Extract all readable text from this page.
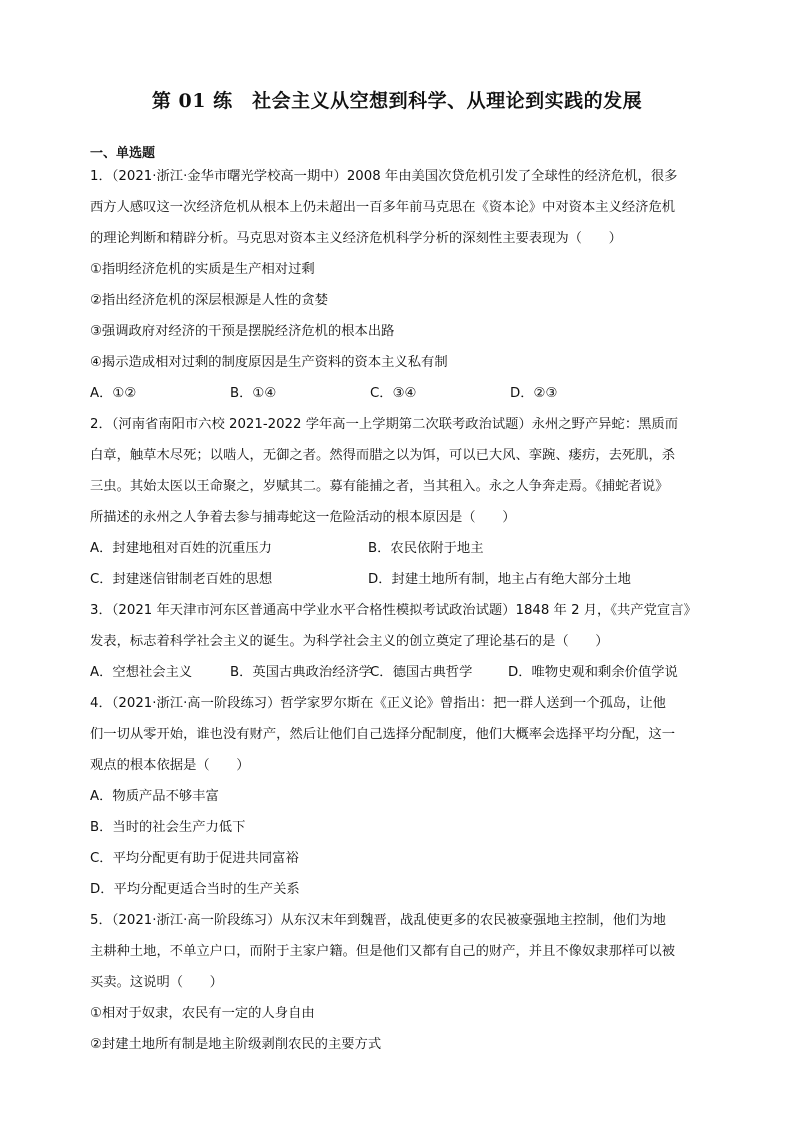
第 01 练　社会主义从空想到科学、从理论到实践的发展
一、单选题
1．（2021·浙江·金华市曙光学校高一期中）2008 年由美国次贷危机引发了全球性的经济危机，很多
西方人感叹这一次经济危机从根本上仍未超出一百多年前马克思在《资本论》中对资本主义经济危机
的理论判断和精辟分析。马克思对资本主义经济危机科学分析的深刻性主要表现为（　　）
①指明经济危机的实质是生产相对过剩
②指出经济危机的深层根源是人性的贪婪
③强调政府对经济的干预是摆脱经济危机的根本出路
④揭示造成相对过剩的制度原因是生产资料的资本主义私有制
A．①②	B．①④	C．③④	D．②③
2．（河南省南阳市六校 2021-2022 学年高一上学期第二次联考政治试题）永州之野产异蛇：黑质而
白章，触草木尽死；以啮人，无御之者。然得而腊之以为饵，可以已大风、挛踠、瘘疠，去死肌，杀
三虫。其始太医以王命聚之，岁赋其二。募有能捕之者，当其租入。永之人争奔走焉。《捕蛇者说》
所描述的永州之人争着去参与捕毒蛇这一危险活动的根本原因是（　　）
A．封建地租对百姓的沉重压力	B．农民依附于地主
C．封建迷信钳制老百姓的思想	D．封建土地所有制，地主占有绝大部分土地
3．（2021 年天津市河东区普通高中学业水平合格性模拟考试政治试题）1848 年 2 月，《共产党宣言》
发表，标志着科学社会主义的诞生。为科学社会主义的创立奠定了理论基石的是（　　）
A．空想社会主义	B．英国古典政治经济学
C．德国古典哲学	D．唯物史观和剩余价值学说
4．（2021·浙江·高一阶段练习）哲学家罗尔斯在《正义论》曾指出：把一群人送到一个孤岛，让他
们一切从零开始，谁也没有财产，然后让他们自己选择分配制度，他们大概率会选择平均分配，这一
观点的根本依据是（　　）
A．物质产品不够丰富
B．当时的社会生产力低下
C．平均分配更有助于促进共同富裕
D．平均分配更适合当时的生产关系
5．（2021·浙江·高一阶段练习）从东汉末年到魏晋，战乱使更多的农民被豪强地主控制，他们为地
主耕种土地，不单立户口，而附于主家户籍。但是他们又都有自己的财产，并且不像奴隶那样可以被
买卖。这说明（　　）
①相对于奴隶，农民有一定的人身自由
②封建土地所有制是地主阶级剥削农民的主要方式
